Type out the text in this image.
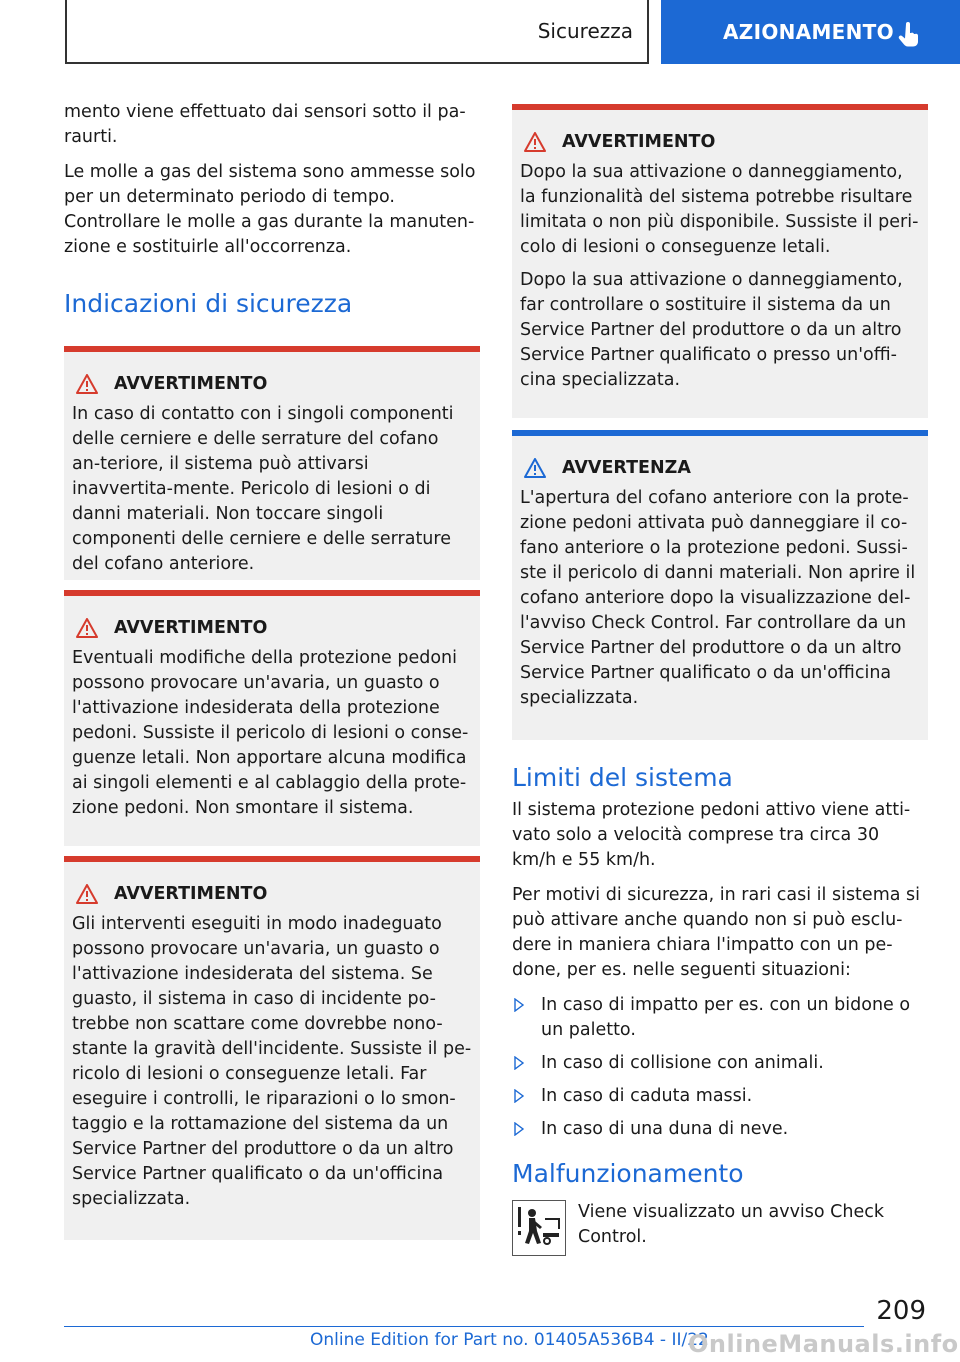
Sicurezza	AZIONAMENTO

mento viene effettuato dai sensori sotto il pa-raurti.

Le molle a gas del sistema sono ammesse solo per un determinato periodo di tempo. Controllare le molle a gas durante la manuten-zione e sostituirle all'occorrenza.

Indicazioni di sicurezza
AVVERTIMENTO

In caso di contatto con i singoli componenti delle cerniere e delle serrature del cofano an-teriore, il sistema può attivarsi inavvertita-mente. Pericolo di lesioni o di danni materiali. Non toccare singoli componenti delle cerniere e delle serrature del cofano anteriore.

AVVERTIMENTO

Eventuali modifiche della protezione pedoni possono provocare un'avaria, un guasto o l'attivazione indesiderata della protezione pedoni. Sussiste il pericolo di lesioni o conse-guenze letali. Non apportare alcuna modifica ai singoli elementi e al cablaggio della prote-zione pedoni. Non smontare il sistema.

AVVERTIMENTO

Gli interventi eseguiti in modo inadeguato possono provocare un'avaria, un guasto o l'attivazione indesiderata del sistema. Se guasto, il sistema in caso di incidente po-trebbe non scattare come dovrebbe nono-stante la gravità dell'incidente. Sussiste il pe-ricolo di lesioni o conseguenze letali. Far eseguire i controlli, le riparazioni o lo smon-taggio e la rottamazione del sistema da un Service Partner del produttore o da un altro Service Partner qualificato o da un'officina specializzata.

AVVERTIMENTO

Dopo la sua attivazione o danneggiamento, la funzionalità del sistema potrebbe risultare limitata o non più disponibile. Sussiste il peri-colo di lesioni o conseguenze letali.

Dopo la sua attivazione o danneggiamento, far controllare o sostituire il sistema da un Service Partner del produttore o da un altro Service Partner qualificato o presso un'offi-cina specializzata.

AVVERTENZA

L'apertura del cofano anteriore con la prote-zione pedoni attivata può danneggiare il co-fano anteriore o la protezione pedoni. Sussi-ste il pericolo di danni materiali. Non aprire il cofano anteriore dopo la visualizzazione del-l'avviso Check Control. Far controllare da un Service Partner del produttore o da un altro Service Partner qualificato o da un'officina specializzata.

Limiti del sistema

Il sistema protezione pedoni attivo viene atti-vato solo a velocità comprese tra circa 30 km/h e 55 km/h.

Per motivi di sicurezza, in rari casi il sistema si può attivare anche quando non si può esclu-dere in maniera chiara l'impatto con un pe-done, per es. nelle seguenti situazioni:

In caso di impatto per es. con un bidone o un paletto.
In caso di collisione con animali.
In caso di caduta massi.
In caso di una duna di neve.
Malfunzionamento

Viene visualizzato un avviso Check Control.

209
Online Edition for Part no. 01405A536B4 - II/22
OnlineManuals.info
